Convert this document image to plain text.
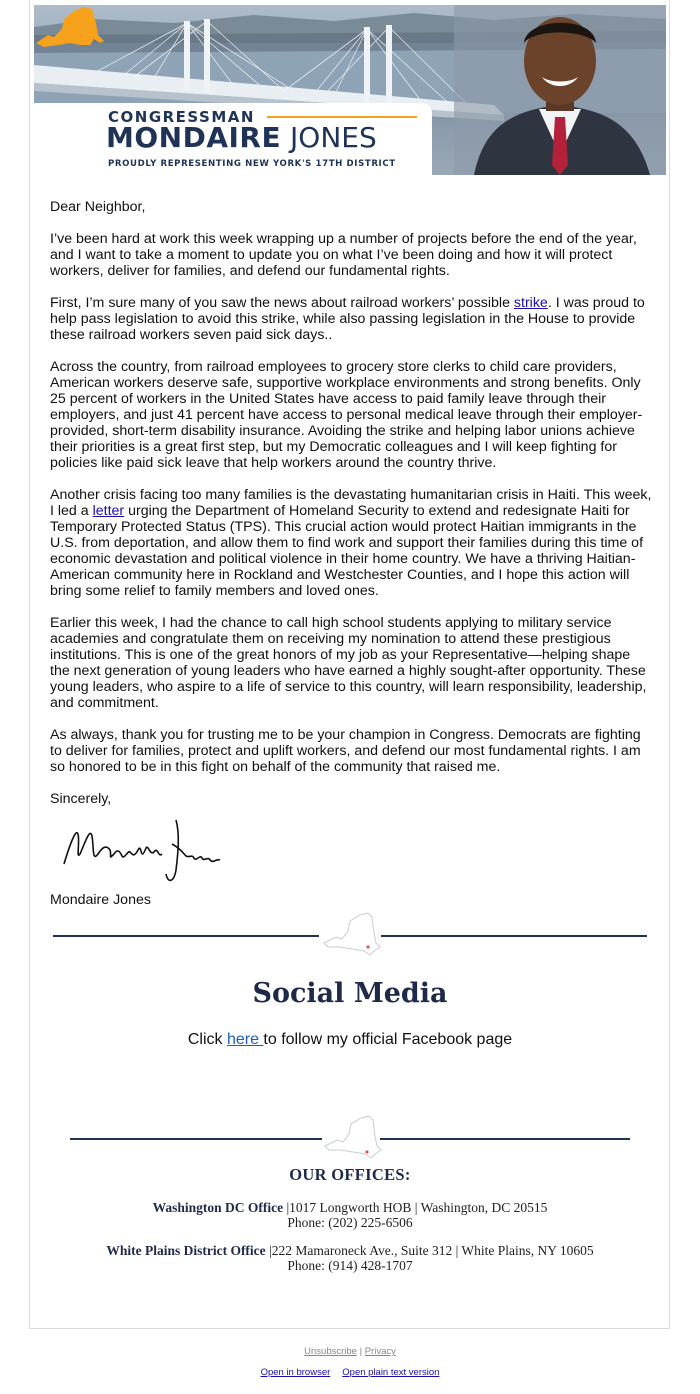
CONGRESSMAN
MONDAIRE JONES
PROUDLY REPRESENTING NEW YORK'S 17TH DISTRICT

Dear Neighbor,

I’ve been hard at work this week wrapping up a number of projects before the end of the year, and I want to take a moment to update you on what I’ve been doing and how it will protect workers, deliver for families, and defend our fundamental rights.

First, I’m sure many of you saw the news about railroad workers’ possible strike. I was proud to help pass legislation to avoid this strike, while also passing legislation in the House to provide these railroad workers seven paid sick days..

Across the country, from railroad employees to grocery store clerks to child care providers, American workers deserve safe, supportive workplace environments and strong benefits. Only 25 percent of workers in the United States have access to paid family leave through their employers, and just 41 percent have access to personal medical leave through their employer-provided, short-term disability insurance. Avoiding the strike and helping labor unions achieve their priorities is a great first step, but my Democratic colleagues and I will keep fighting for policies like paid sick leave that help workers around the country thrive.

Another crisis facing too many families is the devastating humanitarian crisis in Haiti. This week, I led a letter urging the Department of Homeland Security to extend and redesignate Haiti for Temporary Protected Status (TPS). This crucial action would protect Haitian immigrants in the U.S. from deportation, and allow them to find work and support their families during this time of economic devastation and political violence in their home country. We have a thriving Haitian-American community here in Rockland and Westchester Counties, and I hope this action will bring some relief to family members and loved ones.

Earlier this week, I had the chance to call high school students applying to military service academies and congratulate them on receiving my nomination to attend these prestigious institutions. This is one of the great honors of my job as your Representative—helping shape the next generation of young leaders who have earned a highly sought-after opportunity. These young leaders, who aspire to a life of service to this country, will learn responsibility, leadership, and commitment.

As always, thank you for trusting me to be your champion in Congress. Democrats are fighting to deliver for families, protect and uplift workers, and defend our most fundamental rights. I am so honored to be in this fight on behalf of the community that raised me.

Sincerely,

Mondaire Jones
Social Media
Click here to follow my official Facebook page
OUR OFFICES:
Washington DC Office |1017 Longworth HOB | Washington, DC 20515
Phone: (202) 225-6506
White Plains District Office |222 Mamaroneck Ave., Suite 312 | White Plains, NY 10605
Phone: (914) 428-1707
Unsubscribe | Privacy
Open in browser Open plain text version
